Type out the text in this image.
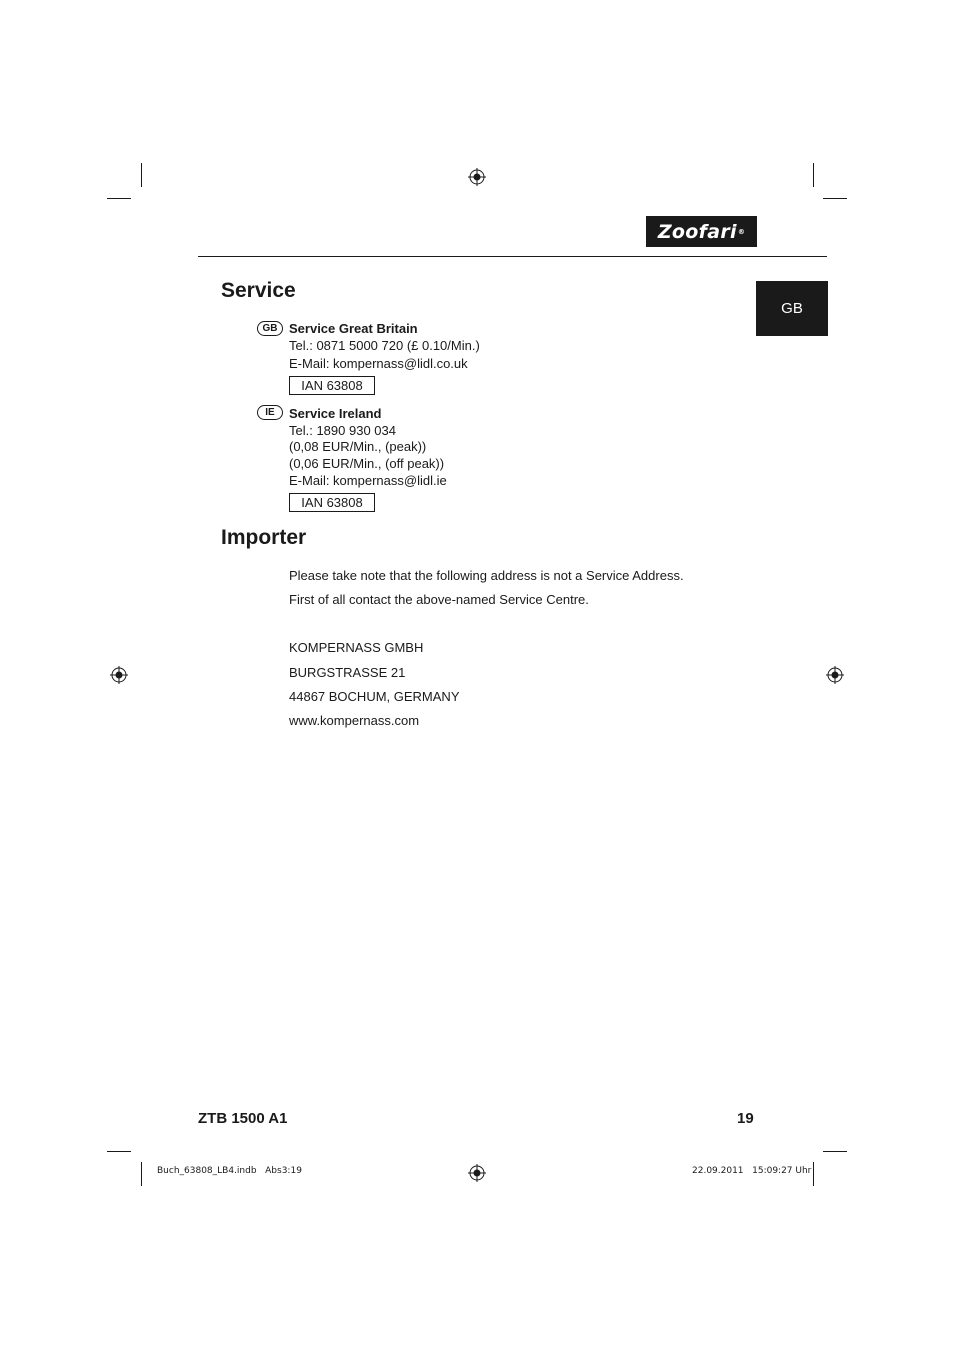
Zoofari ®
GB
Service
GB Service Great Britain
Tel.: 0871 5000 720 (£ 0.10/Min.)
E-Mail: kompernass@lidl.co.uk
IAN 63808
IE	Service Ireland
Tel.: 1890 930 034
(0,08 EUR/Min., (peak))
(0,06 EUR/Min., (off peak))
E-Mail: kompernass@lidl.ie
IAN 63808
Importer
Please take note that the following address is not a Service Address.
First of all contact the above-named Service Centre.
KOMPERNASS GMBH
BURGSTRASSE 21
44867 BOCHUM, GERMANY
www.kompernass.com
ZTB 1500 A1	19
Buch_63808_LB4.indb   Abs3:19	22.09.2011   15:09:27 Uhr
